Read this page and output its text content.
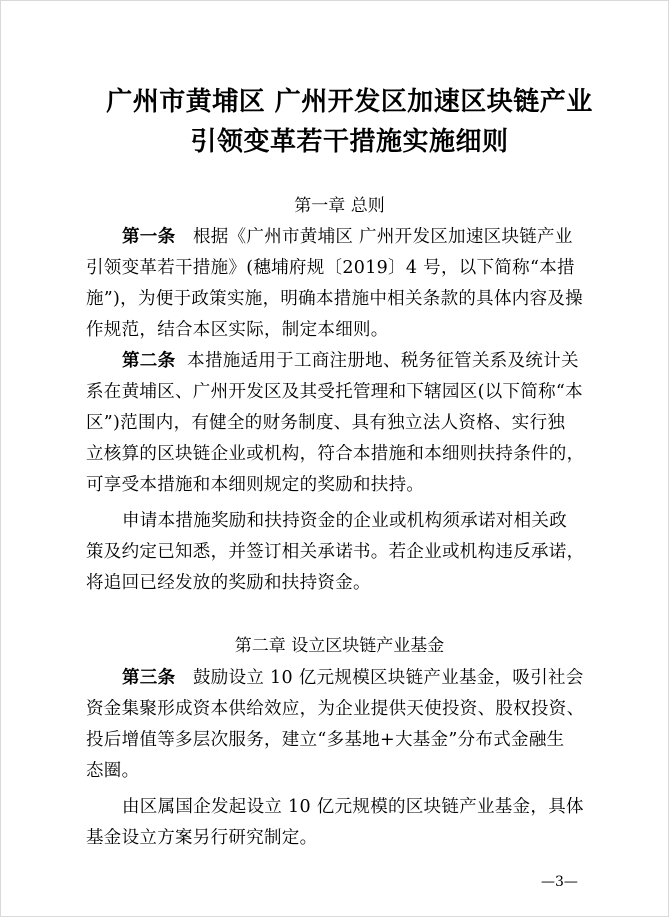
广州市黄埔区 广州开发区加速区块链产业
引领变革若干措施实施细则
第一章 总则
第一条 根据《广州市黄埔区 广州开发区加速区块链产业
引领变革若干措施》(穗埔府规〔2019〕4 号，以下简称“本措
施”)，为便于政策实施，明确本措施中相关条款的具体内容及操
作规范，结合本区实际，制定本细则。
第二条 本措施适用于工商注册地、税务征管关系及统计关
系在黄埔区、广州开发区及其受托管理和下辖园区(以下简称“本
区”)范围内，有健全的财务制度、具有独立法人资格、实行独
立核算的区块链企业或机构，符合本措施和本细则扶持条件的，
可享受本措施和本细则规定的奖励和扶持。
申请本措施奖励和扶持资金的企业或机构须承诺对相关政
策及约定已知悉，并签订相关承诺书。若企业或机构违反承诺，
将追回已经发放的奖励和扶持资金。
第二章 设立区块链产业基金
第三条 鼓励设立 10 亿元规模区块链产业基金，吸引社会
资金集聚形成资本供给效应，为企业提供天使投资、股权投资、
投后增值等多层次服务，建立“多基地+大基金”分布式金融生
态圈。
由区属国企发起设立 10 亿元规模的区块链产业基金，具体
基金设立方案另行研究制定。
—3—
